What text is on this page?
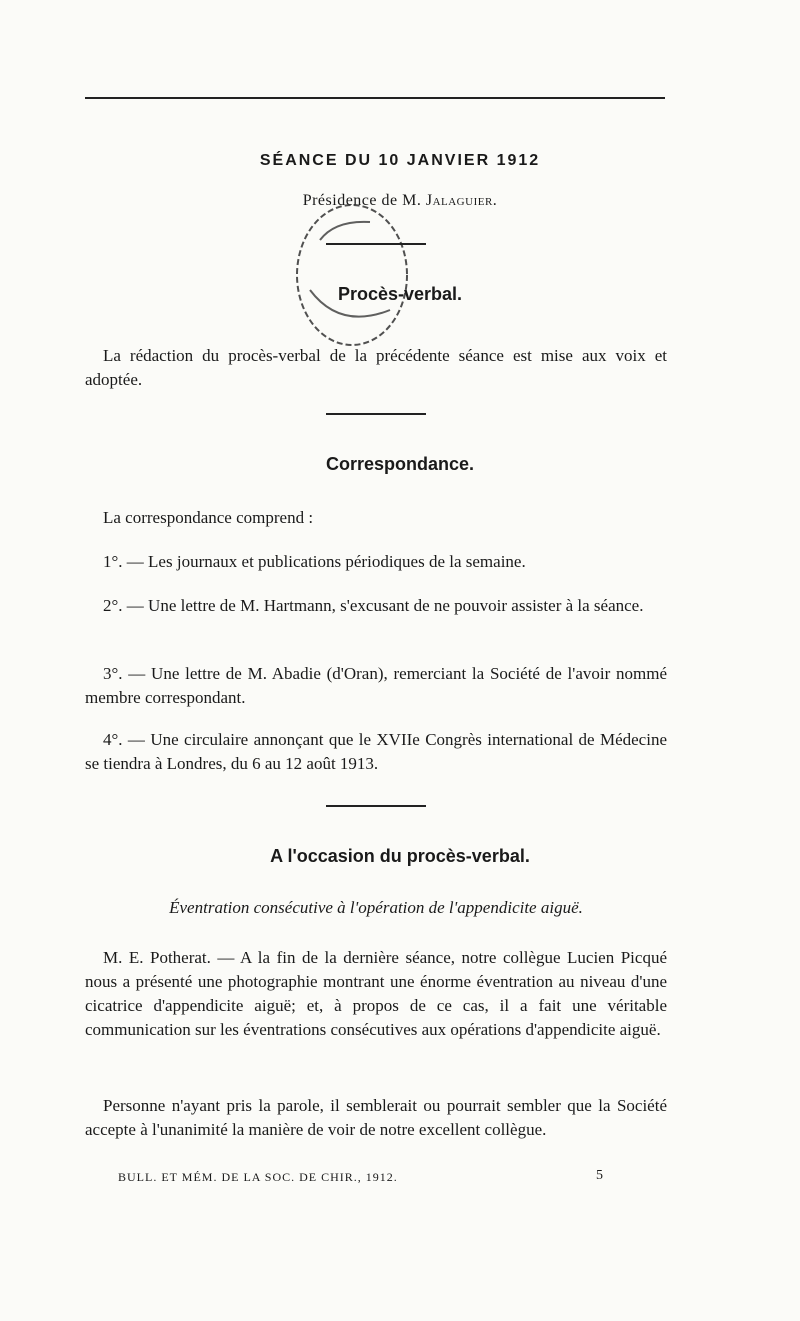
SÉANCE DU 10 JANVIER 1912
Présidence de M. Jalaguier.
Procès-verbal.
La rédaction du procès-verbal de la précédente séance est mise aux voix et adoptée.
Correspondance.
La correspondance comprend :
1°. — Les journaux et publications périodiques de la semaine.
2°. — Une lettre de M. Hartmann, s'excusant de ne pouvoir assister à la séance.
3°. — Une lettre de M. Abadie (d'Oran), remerciant la Société de l'avoir nommé membre correspondant.
4°. — Une circulaire annonçant que le XVIIe Congrès international de Médecine se tiendra à Londres, du 6 au 12 août 1913.
A l'occasion du procès-verbal.
Éventration consécutive à l'opération de l'appendicite aiguë.
M. E. Potherat. — A la fin de la dernière séance, notre collègue Lucien Picqué nous a présenté une photographie montrant une énorme éventration au niveau d'une cicatrice d'appendicite aiguë; et, à propos de ce cas, il a fait une véritable communication sur les éventrations consécutives aux opérations d'appendicite aiguë.
Personne n'ayant pris la parole, il semblerait ou pourrait sembler que la Société accepte à l'unanimité la manière de voir de notre excellent collègue.
BULL. ET MÉM. DE LA SOC. DE CHIR., 1912.	5
